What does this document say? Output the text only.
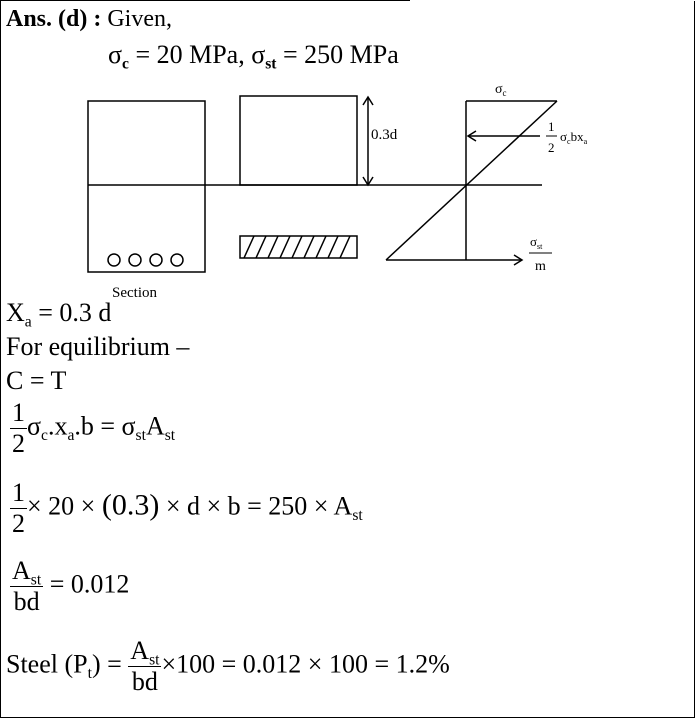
Ans. (d) : Given,
$\sigma_c = 20$ MPa, $\sigma_{st} = 250$ MPa
0.3d
$\sigma_c$
1
2
$\sigma_cbx_a$
$\sigma_{st}$
m
Section
$X_a = 0.3$ d
For equilibrium –
C = T
$\frac{1}{2} \sigma_c.x_a.b = \sigma_{st}A_{st}$
$\frac{1}{2} \times 20 \times (0.3) \times d \times b = 250 \times A_{st}$
$\frac{A_{st}}{bd} = 0.012$
Steel $(P_t) = \frac{A_{st}}{bd} \times 100 = 0.012 \times 100 = 1.2\%$
